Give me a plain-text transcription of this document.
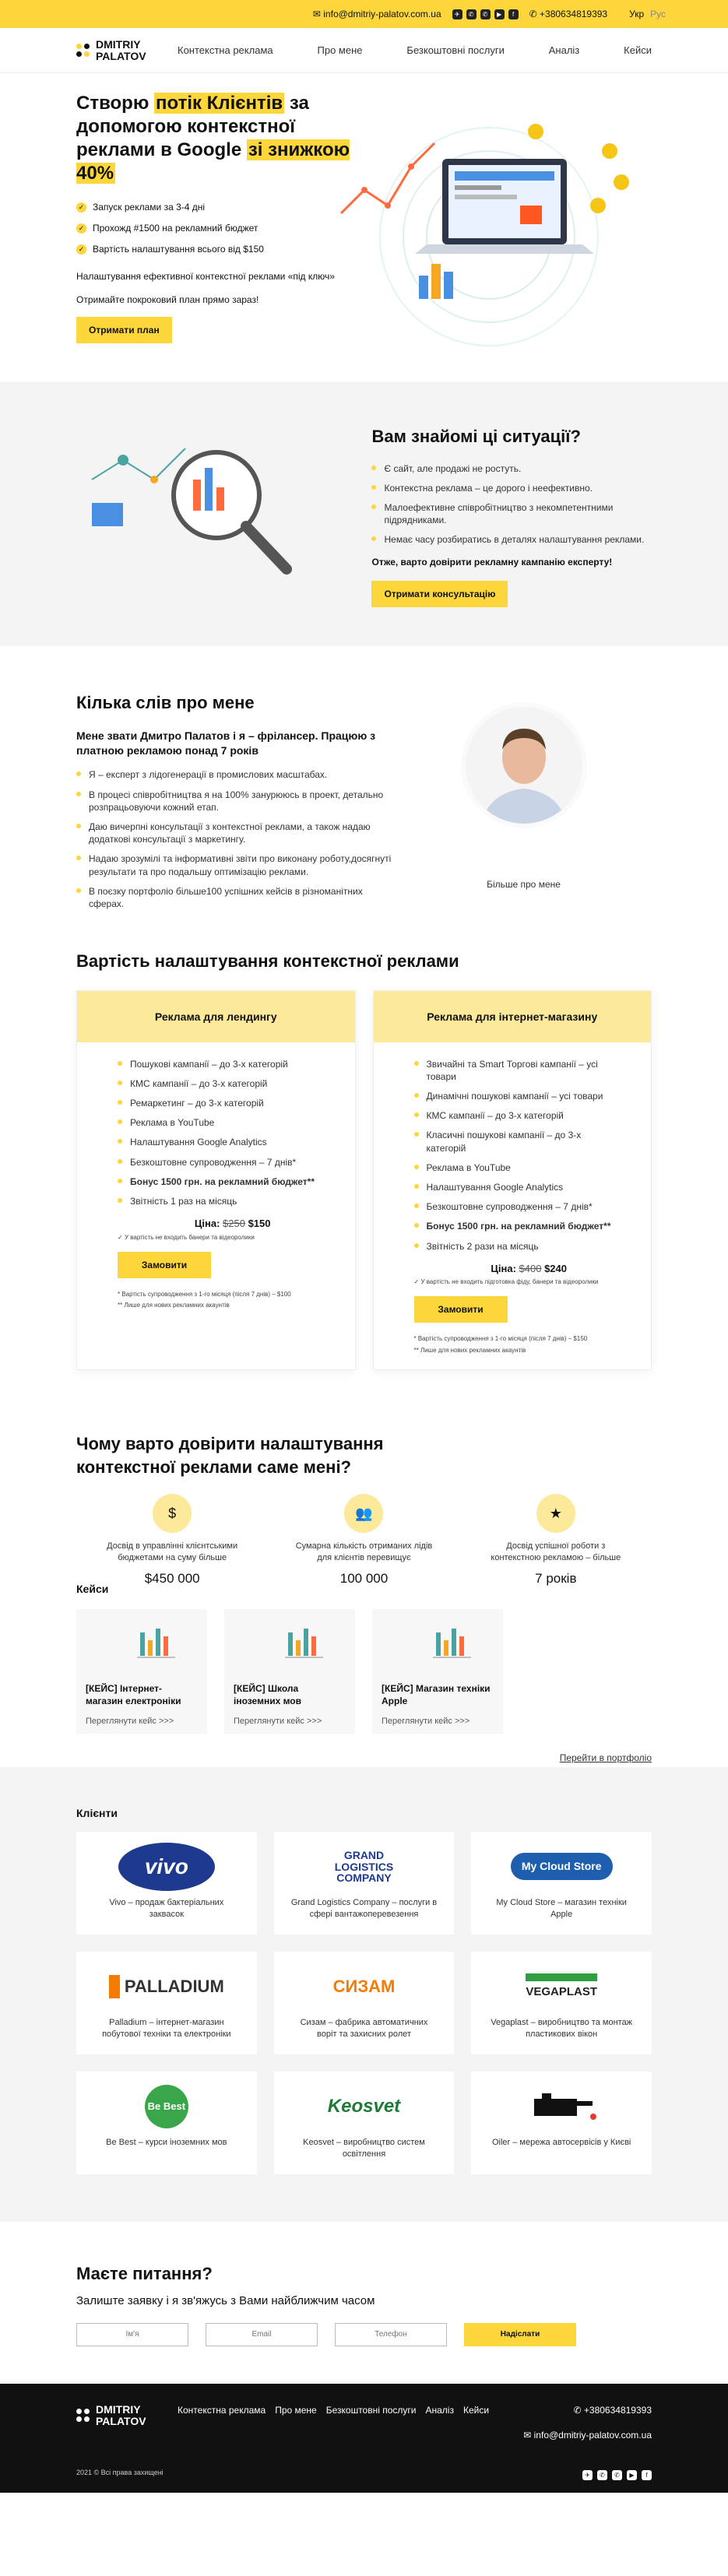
✉ info@dmitriy-palatov.com.ua	✈	✆	✆	▶	f	✆ +380634819393 Укр Рус
DMITRIY
PALATOV	Контекстна реклама	Про мене	Безкоштовні послуги	Аналіз	Кейси
Створю потік Клієнтів за допомогою контекстної реклами в Google зі знижкою 40%
✓ Запуск реклами за 3-4 дні
✓ Прохожд #1500 на рекламний бюджет
✓ Вартість налаштування всього від $150

Налаштування ефективної контекстної реклами «під ключ»

Отримайте покроковий план прямо зараз!

Отримати план
Вам знайомі ці ситуації?
Є сайт, але продажі не ростуть.
Контекстна реклама – це дорого і неефективно.
Малоефективне співробітництво з некомпетентними підрядниками.
Немає часу розбиратись в деталях налаштування реклами.

Отже, варто довірити рекламну кампанію експерту!

Отримати консультацію
Кілька слів про мене
Мене звати Дмитро Палатов і я – фрілансер. Працюю з платною рекламою понад 7 років
Я – експерт з лідогенерації в промислових масштабах.
В процесі співробітництва я на 100% занурююсь в проект, детально розпрацьовуючи кожний етап.
Даю вичерпні консультації з контекстної реклами, а також надаю додаткові консультації з маркетингу.
Надаю зрозумілі та інформативні звіти про виконану роботу,досягнуті результати та про подальшу оптимізацію реклами.
В поєзку портфоліо більше100 успішних кейсів в різноманітних сферах.
Більше про мене
Вартість налаштування контекстної реклами
Реклама для лендингу
Пошукові кампанії – до 3-х категорій
КМС кампанії – до 3-х категорій
Ремаркетинг – до 3-х категорій
Реклама в YouTube
Налаштування Google Analytics
Безкоштовне супроводження – 7 днів*
Бонус 1500 грн. на рекламний бюджет**
Звітність 1 раз на місяць
Ціна: $250 $150
✓ У вартість не входить банери та відеоролики
Замовити
* Вартість супроводження з 1-го місяця (після 7 днів) – $100
** Лише для нових рекламних акаунтів
Реклама для інтернет-магазину
Звичайні та Smart Торгові кампанії – усі товари
Динамічні пошукові кампанії – усі товари
КМС кампанії – до 3-х категорій
Класичні пошукові кампанії – до 3-х категорій
Реклама в YouTube
Налаштування Google Analytics
Безкоштовне супроводження – 7 днів*
Бонус 1500 грн. на рекламний бюджет**
Звітність 2 рази на місяць
Ціна: $400 $240
✓ У вартість не входить підготовка фіду, банери та відеоролики
Замовити
* Вартість супроводження з 1-го місяця (після 7 днів) – $150
** Лише для нових рекламних акаунтів
Чому варто довірити налаштування контекстної реклами саме мені?
$

Досвід в управлінні клієнтськими бюджетами на суму більше

$450 000
👥

Сумарна кількість отриманих лідів для клієнтів перевищує

100 000
★

Досвід успішної роботи з контекстною рекламою – більше

7 років
Кейси
[КЕЙС] Інтернет-магазин електроніки
Переглянути кейс >>>
[КЕЙС] Школа іноземних мов
Переглянути кейс >>>
[КЕЙС] Магазин техніки Apple
Переглянути кейс >>>
Перейти в портфоліо
Клієнти
vivo

Vivo – продаж бактеріальних заквасок

GRAND LOGISTICS COMPANY

Grand Logistics Company – послуги в сфері вантажоперевезення

My Cloud Store

My Cloud Store – магазин техніки Apple

PALLADIUM

Palladium – інтернет-магазин побутової техніки та електроніки

СИЗАМ

Сизам – фабрика автоматичних воріт та захисних ролет

VEGAPLAST

Vegaplast – виробництво та монтаж пластикових вікон

Be Best

Be Best – курси іноземних мов

Keosvet

Keosvet – виробництво систем освітлення

Oiler – мережа автосервісів у Києві

Маєте питання?

Залиште заявку і я зв'яжусь з Вами найближчим часом

Ім'я
Email
Телефон
Надіслати
DMITRIY
PALATOV
Контекстна реклама Про мене Безкоштовні послуги Аналіз Кейси	✆ +380634819393
✉ info@dmitriy-palatov.com.ua
2021 © Всі права захищені	✈	✆	✆	▶	f
